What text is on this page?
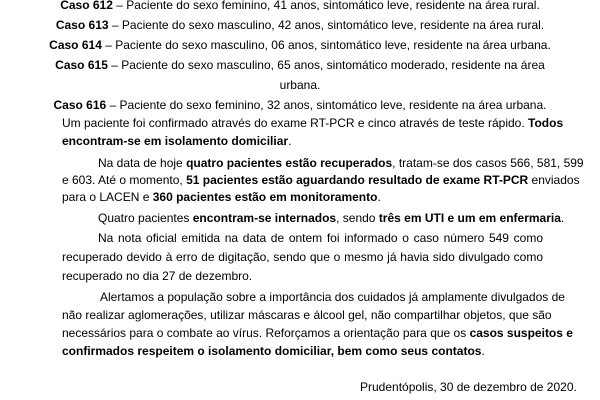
Caso 612 – Paciente do sexo feminino, 41 anos, sintomático leve, residente na área rural.
Caso 613 – Paciente do sexo masculino, 42 anos, sintomático leve, residente na área rural.
Caso 614 – Paciente do sexo masculino, 06 anos, sintomático leve, residente na área urbana.
Caso 615 – Paciente do sexo masculino, 65 anos, sintomático moderado, residente na área
urbana.
Caso 616 – Paciente do sexo feminino, 32 anos, sintomático leve, residente na área urbana.
Um paciente foi confirmado através do exame RT-PCR e cinco através de teste rápido. Todos
encontram-se em isolamento domiciliar.
Na data de hoje quatro pacientes estão recuperados, tratam-se dos casos 566, 581, 599
e 603. Até o momento, 51 pacientes estão aguardando resultado de exame RT-PCR enviados
para o LACEN e 360 pacientes estão em monitoramento.
Quatro pacientes encontram-se internados, sendo três em UTI e um em enfermaria.
Na nota oficial emitida na data de ontem foi informado o caso número 549 como
recuperado devido à erro de digitação, sendo que o mesmo já havia sido divulgado como
recuperado no dia 27 de dezembro.
Alertamos a população sobre a importância dos cuidados já amplamente divulgados de
não realizar aglomerações, utilizar máscaras e álcool gel, não compartilhar objetos, que são
necessários para o combate ao vírus. Reforçamos a orientação para que os casos suspeitos e
confirmados respeitem o isolamento domiciliar, bem como seus contatos.
Prudentópolis, 30 de dezembro de 2020.
